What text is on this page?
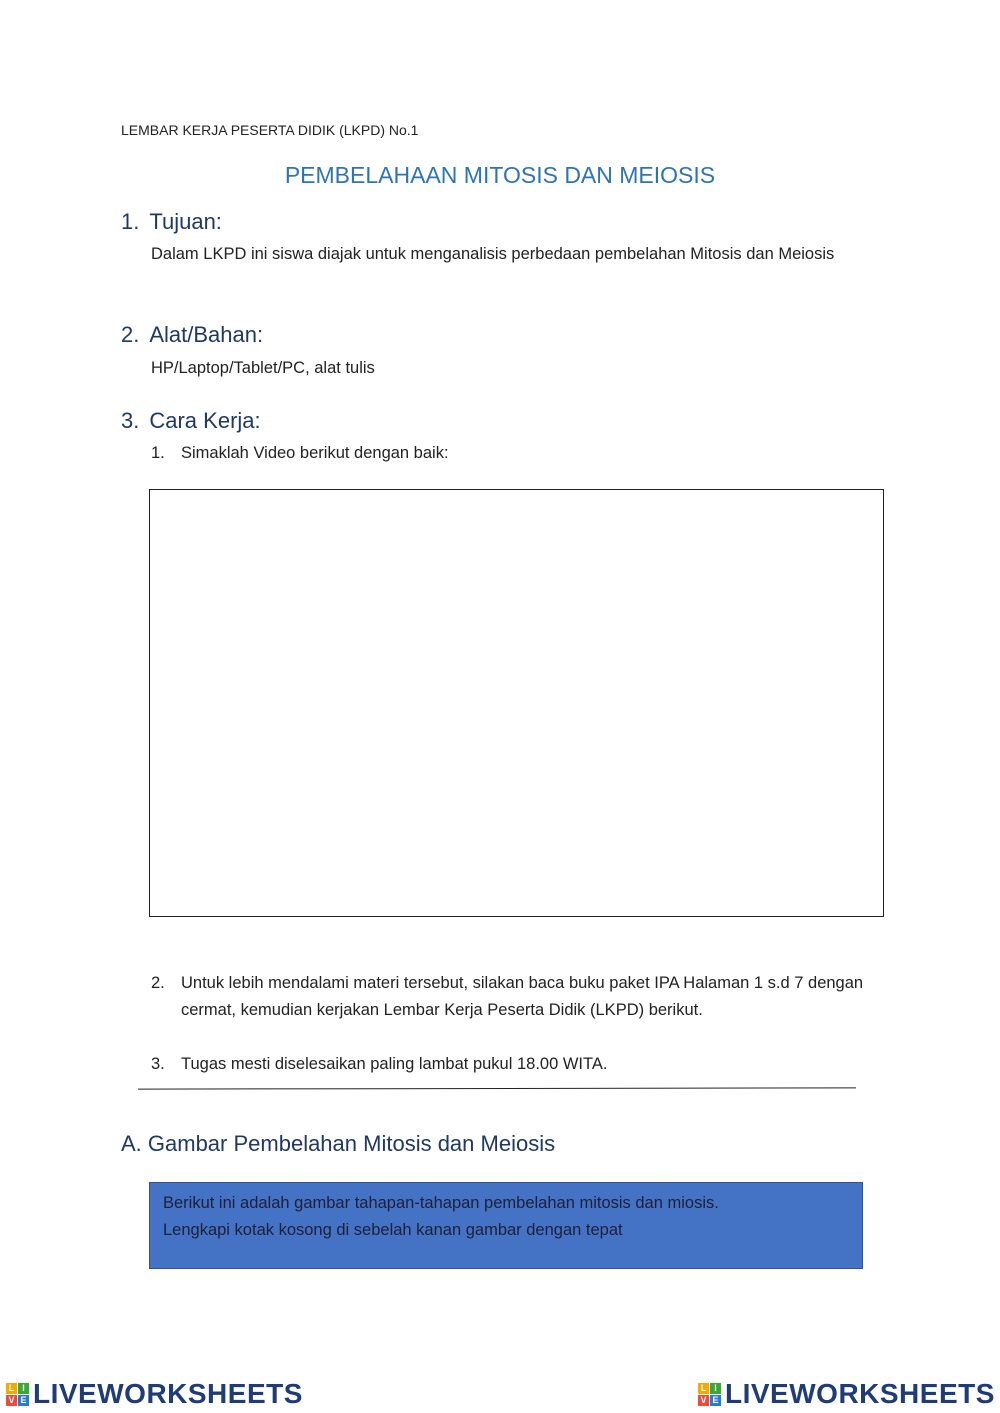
LEMBAR KERJA PESERTA DIDIK (LKPD) No.1
PEMBELAHAAN MITOSIS DAN MEIOSIS
1. Tujuan:
Dalam LKPD ini siswa diajak untuk menganalisis perbedaan pembelahan Mitosis dan Meiosis
2. Alat/Bahan:
HP/Laptop/Tablet/PC, alat tulis
3. Cara Kerja:
1. Simaklah Video berikut dengan baik:
2. Untuk lebih mendalami materi tersebut, silakan baca buku paket IPA Halaman 1 s.d 7 dengan cermat, kemudian kerjakan Lembar Kerja Peserta Didik (LKPD) berikut.
3. Tugas mesti diselesaikan paling lambat pukul 18.00 WITA.
A. Gambar Pembelahan Mitosis dan Meiosis
Berikut ini adalah gambar tahapan-tahapan pembelahan mitosis dan miosis.
Lengkapi kotak kosong di sebelah kanan gambar dengan tepat
L I
V E LIVEWORKSHEETS	L I
V E LIVEWORKSHEETS
